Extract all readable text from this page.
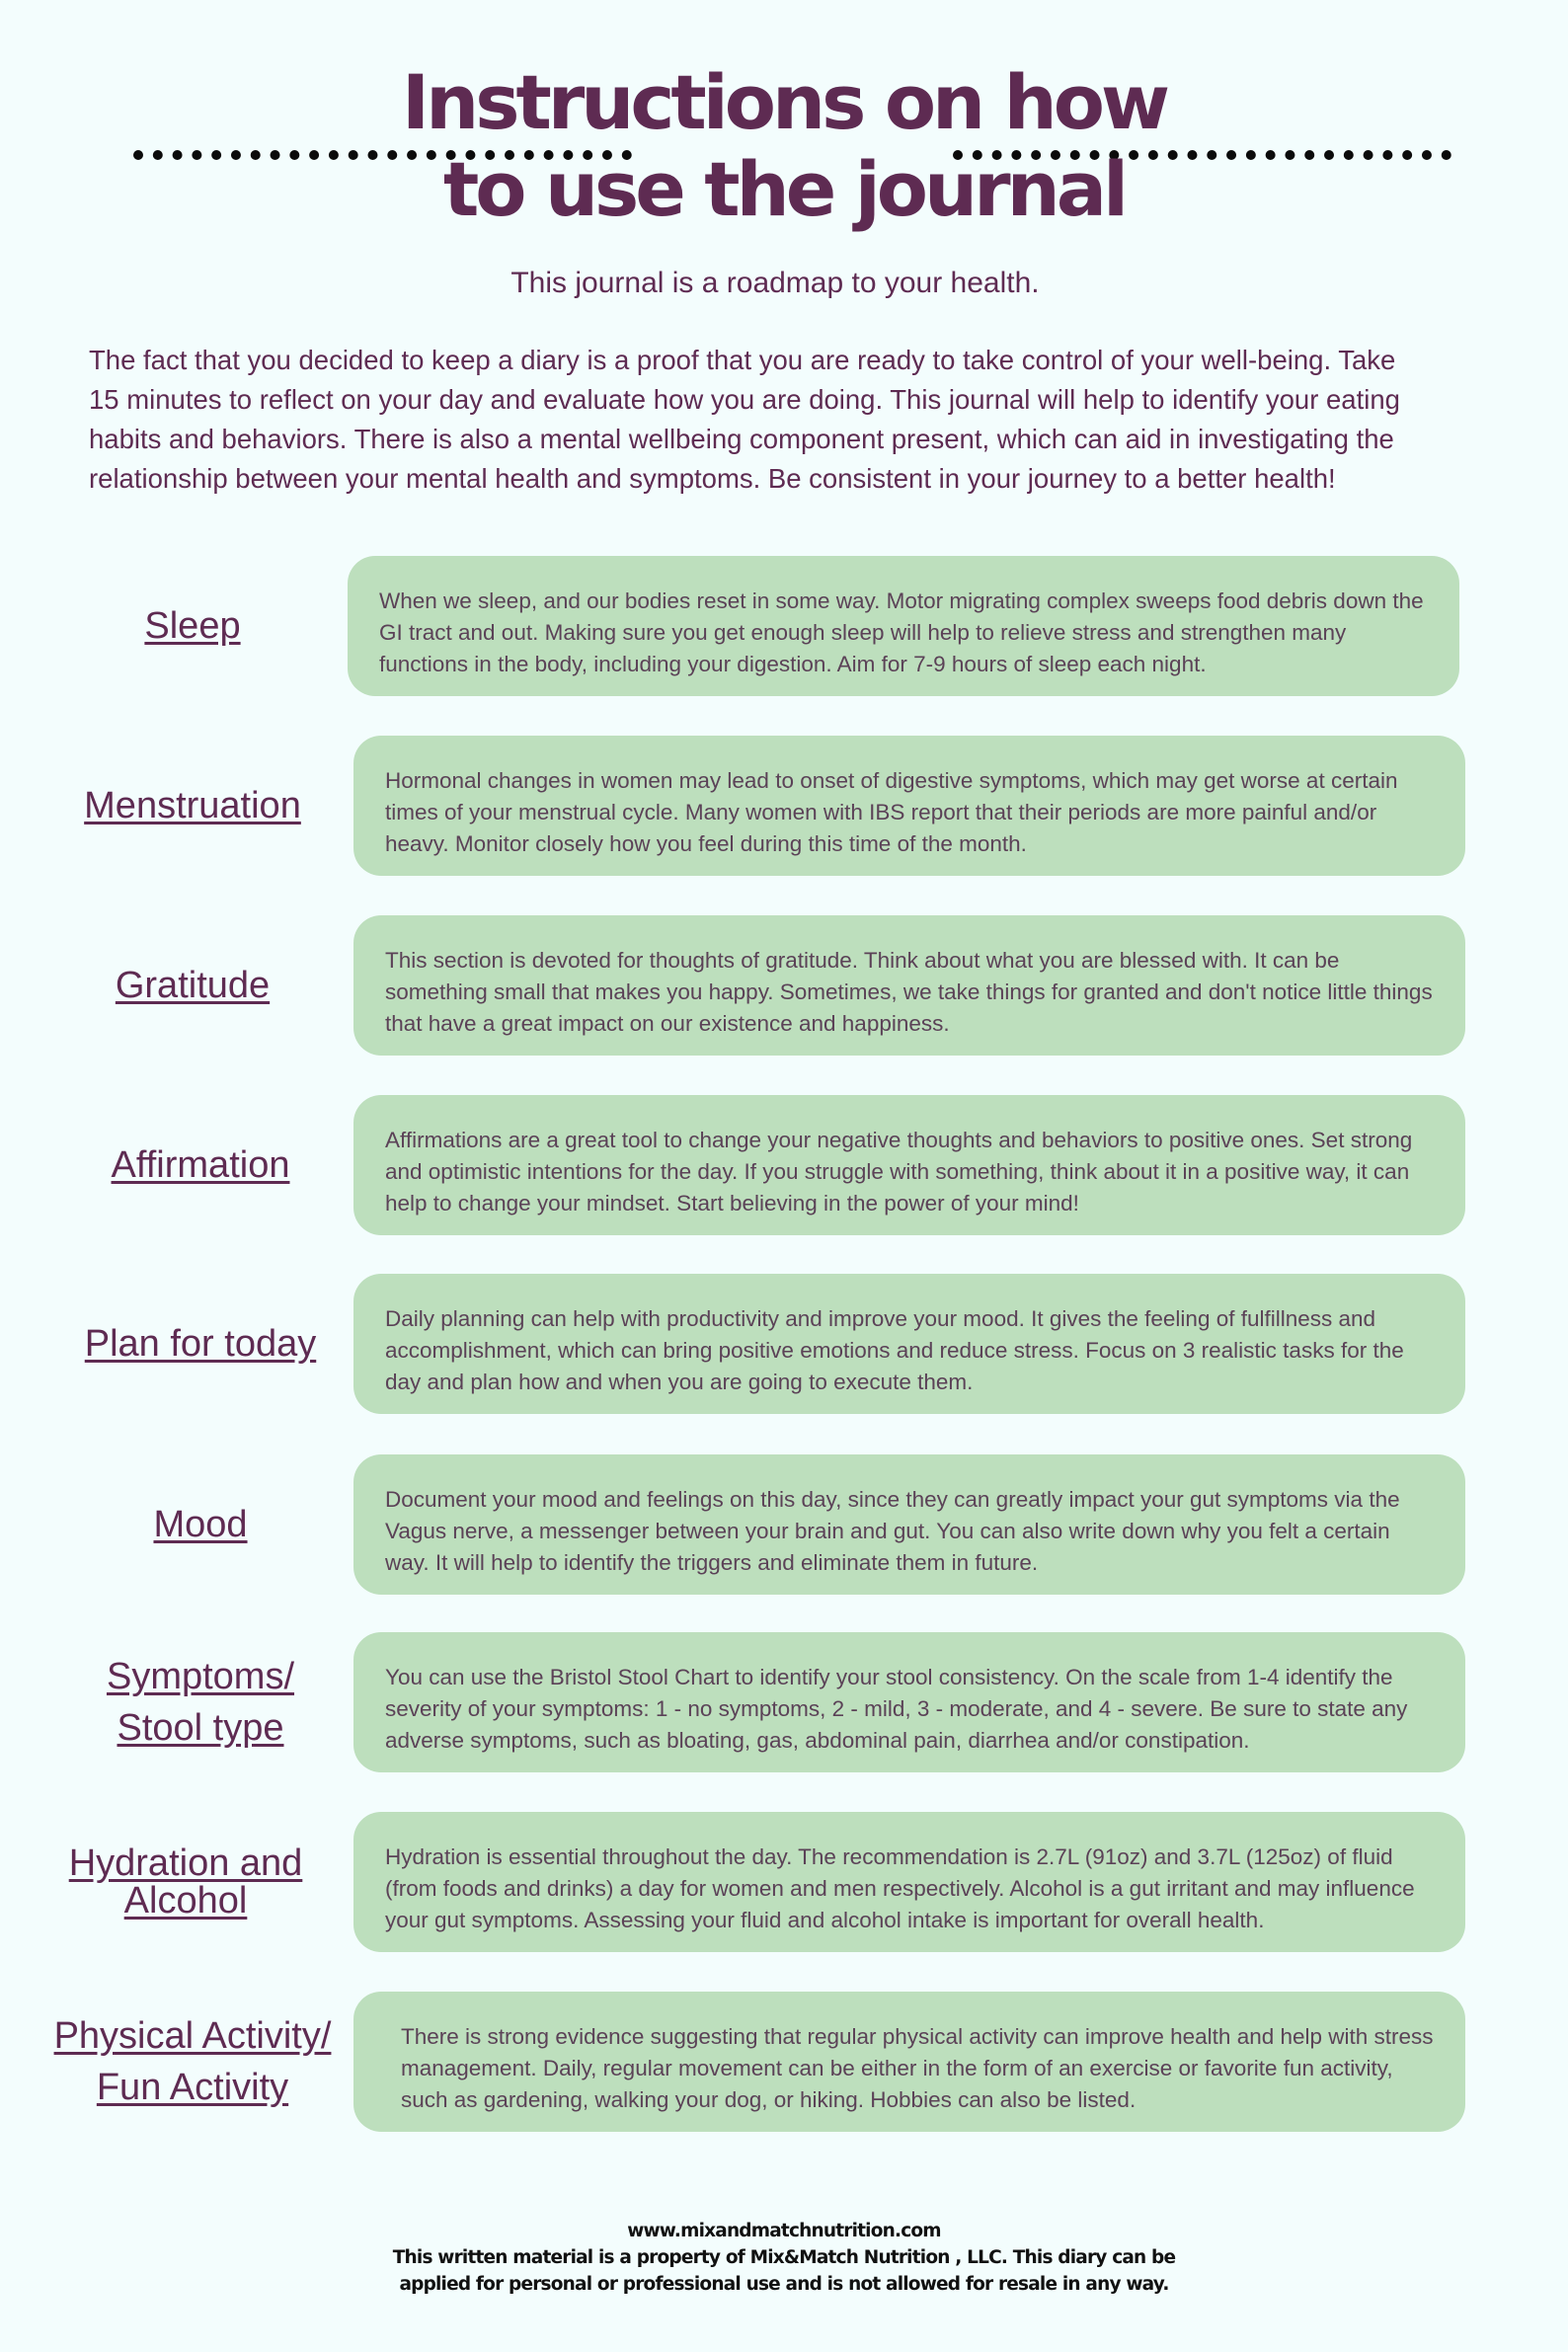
Instructions on how
to use the journal

This journal is a roadmap to your health.

The fact that you decided to keep a diary is a proof that you are ready to take control of your well-being. Take 15 minutes to reflect on your day and evaluate how you are doing. This journal will help to identify your eating habits and behaviors. There is also a mental wellbeing component present, which can aid in investigating the relationship between your mental health and symptoms. Be consistent in your journey to a better health!

Sleep
When we sleep, and our bodies reset in some way. Motor migrating complex sweeps food debris down the GI tract and out. Making sure you get enough sleep will help to relieve stress and strengthen many functions in the body, including your digestion. Aim for 7-9 hours of sleep each night.
Menstruation
Hormonal changes in women may lead to onset of digestive symptoms, which may get worse at certain times of your menstrual cycle. Many women with IBS report that their periods are more painful and/or heavy. Monitor closely how you feel during this time of the month.
Gratitude
This section is devoted for thoughts of gratitude. Think about what you are blessed with. It can be something small that makes you happy. Sometimes, we take things for granted and don't notice little things that have a great impact on our existence and happiness.
Affirmation
Affirmations are a great tool to change your negative thoughts and behaviors to positive ones. Set strong and optimistic intentions for the day. If you struggle with something, think about it in a positive way, it can help to change your mindset. Start believing in the power of your mind!
Plan for today
Daily planning can help with productivity and improve your mood. It gives the feeling of fulfillness and accomplishment, which can bring positive emotions and reduce stress. Focus on 3 realistic tasks for the day and plan how and when you are going to execute them.
Mood
Document your mood and feelings on this day, since they can greatly impact your gut symptoms via the Vagus nerve, a messenger between your brain and gut. You can also write down why you felt a certain way. It will help to identify the triggers and eliminate them in future.
Symptoms/
Stool type
You can use the Bristol Stool Chart to identify your stool consistency. On the scale from 1-4 identify the severity of your symptoms: 1 - no symptoms, 2 - mild, 3 - moderate, and 4 - severe. Be sure to state any adverse symptoms, such as bloating, gas, abdominal pain, diarrhea and/or constipation.
Hydration and
Alcohol
Hydration is essential throughout the day. The recommendation is 2.7L (91oz) and 3.7L (125oz) of fluid (from foods and drinks) a day for women and men respectively. Alcohol is a gut irritant and may influence your gut symptoms. Assessing your fluid and alcohol intake is important for overall health.
Physical Activity/
Fun Activity
There is strong evidence suggesting that regular physical activity can improve health and help with stress management. Daily, regular movement can be either in the form of an exercise or favorite fun activity, such as gardening, walking your dog, or hiking. Hobbies can also be listed.

www.mixandmatchnutrition.com

This written material is a property of Mix&Match Nutrition , LLC. This diary can be

applied for personal or professional use and is not allowed for resale in any way.
